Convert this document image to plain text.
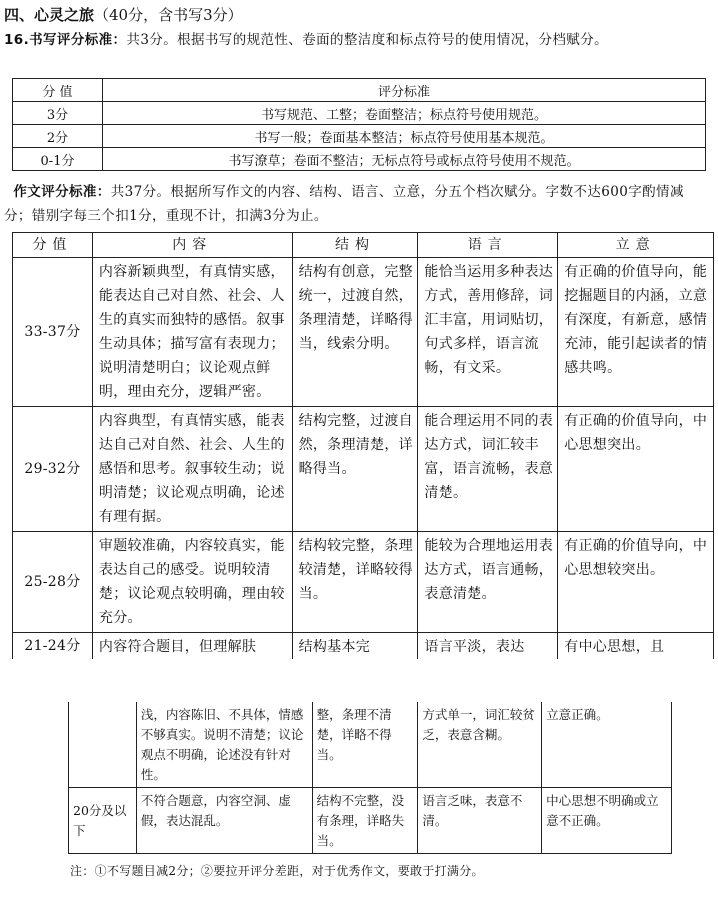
四、心灵之旅（40分，含书写3分）
16.书写评分标准：共3分。根据书写的规范性、卷面的整洁度和标点符号的使用情况，分档赋分。
分 值	评分标准
3分	书写规范、工整；卷面整洁；标点符号使用规范。
2分	书写一般；卷面基本整洁；标点符号使用基本规范。
0-1分	书写潦草；卷面不整洁；无标点符号或标点符号使用不规范。
作文评分标准：共37分。根据所写作文的内容、结构、语言、立意，分五个档次赋分。字数不达600字酌情减分；错别字每三个扣1分，重现不计，扣满3分为止。
分值	内容	结构	语言	立意
33-37分	内容新颖典型，有真情实感，能表达自己对自然、社会、人生的真实而独特的感悟。叙事生动具体；描写富有表现力；说明清楚明白；议论观点鲜明，理由充分，逻辑严密。	结构有创意，完整统一，过渡自然，条理清楚，详略得当，线索分明。	能恰当运用多种表达方式，善用修辞，词汇丰富，用词贴切，句式多样，语言流畅，有文采。	有正确的价值导向，能挖掘题目的内涵，立意有深度，有新意，感情充沛，能引起读者的情感共鸣。
29-32分	内容典型，有真情实感，能表达自己对自然、社会、人生的感悟和思考。叙事较生动；说明清楚；议论观点明确，论述有理有据。	结构完整，过渡自然，条理清楚，详略得当。	能合理运用不同的表达方式，词汇较丰富，语言流畅，表意清楚。	有正确的价值导向，中心思想突出。
25-28分	审题较准确，内容较真实，能表达自己的感受。说明较清楚；议论观点较明确，理由较充分。	结构较完整，条理较清楚，详略较得当。	能较为合理地运用表达方式，语言通畅，表意清楚。	有正确的价值导向，中心思想较突出。
21-24分	内容符合题目，但理解肤	结构基本完	语言平淡，表达	有中心思想，且
	浅，内容陈旧、不具体，情感不够真实。说明不清楚；议论观点不明确，论述没有针对性。	整，条理不清楚，详略不得当。	方式单一，词汇较贫乏，表意含糊。	立意正确。
20分及以下	不符合题意，内容空洞、虚假，表达混乱。	结构不完整，没有条理，详略失当。	语言乏味，表意不清。	中心思想不明确或立意不正确。
注：①不写题目减2分；②要拉开评分差距，对于优秀作文，要敢于打满分。
